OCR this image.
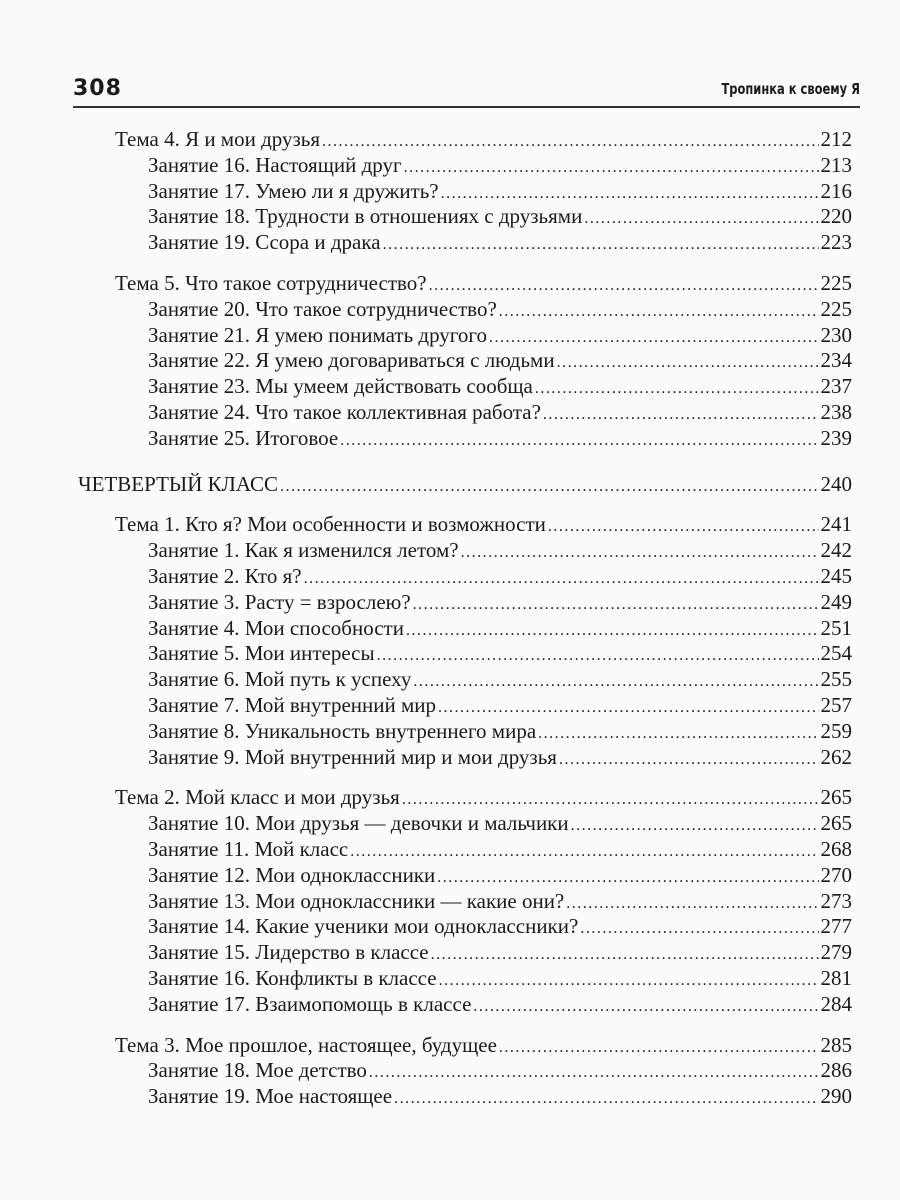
308	Тропинка к своему Я
Тема 4. Я и мои друзья .....	212
Занятие 16. Настоящий друг .....	213
Занятие 17. Умею ли я дружить? .....	216
Занятие 18. Трудности в отношениях с друзьями .....	220
Занятие 19. Ссора и драка .....	223
Тема 5. Что такое сотрудничество? .....	225
Занятие 20. Что такое сотрудничество? .....	225
Занятие 21. Я умею понимать другого .....	230
Занятие 22. Я умею договариваться с людьми .....	234
Занятие 23. Мы умеем действовать сообща .....	237
Занятие 24. Что такое коллективная работа? .....	238
Занятие 25. Итоговое .....	239
ЧЕТВЕРТЫЙ КЛАСС .....	240
Тема 1. Кто я? Мои особенности и возможности .....	241
Занятие 1. Как я изменился летом? .....	242
Занятие 2. Кто я? .....	245
Занятие 3. Расту = взрослею? .....	249
Занятие 4. Мои способности .....	251
Занятие 5. Мои интересы .....	254
Занятие 6. Мой путь к успеху .....	255
Занятие 7. Мой внутренний мир .....	257
Занятие 8. Уникальность внутреннего мира .....	259
Занятие 9. Мой внутренний мир и мои друзья .....	262
Тема 2. Мой класс и мои друзья .....	265
Занятие 10. Мои друзья — девочки и мальчики .....	265
Занятие 11. Мой класс .....	268
Занятие 12. Мои одноклассники .....	270
Занятие 13. Мои одноклассники — какие они? .....	273
Занятие 14. Какие ученики мои одноклассники? .....	277
Занятие 15. Лидерство в классе .....	279
Занятие 16. Конфликты в классе .....	281
Занятие 17. Взаимопомощь в классе .....	284
Тема 3. Мое прошлое, настоящее, будущее .....	285
Занятие 18. Мое детство .....	286
Занятие 19. Мое настоящее .....	290
